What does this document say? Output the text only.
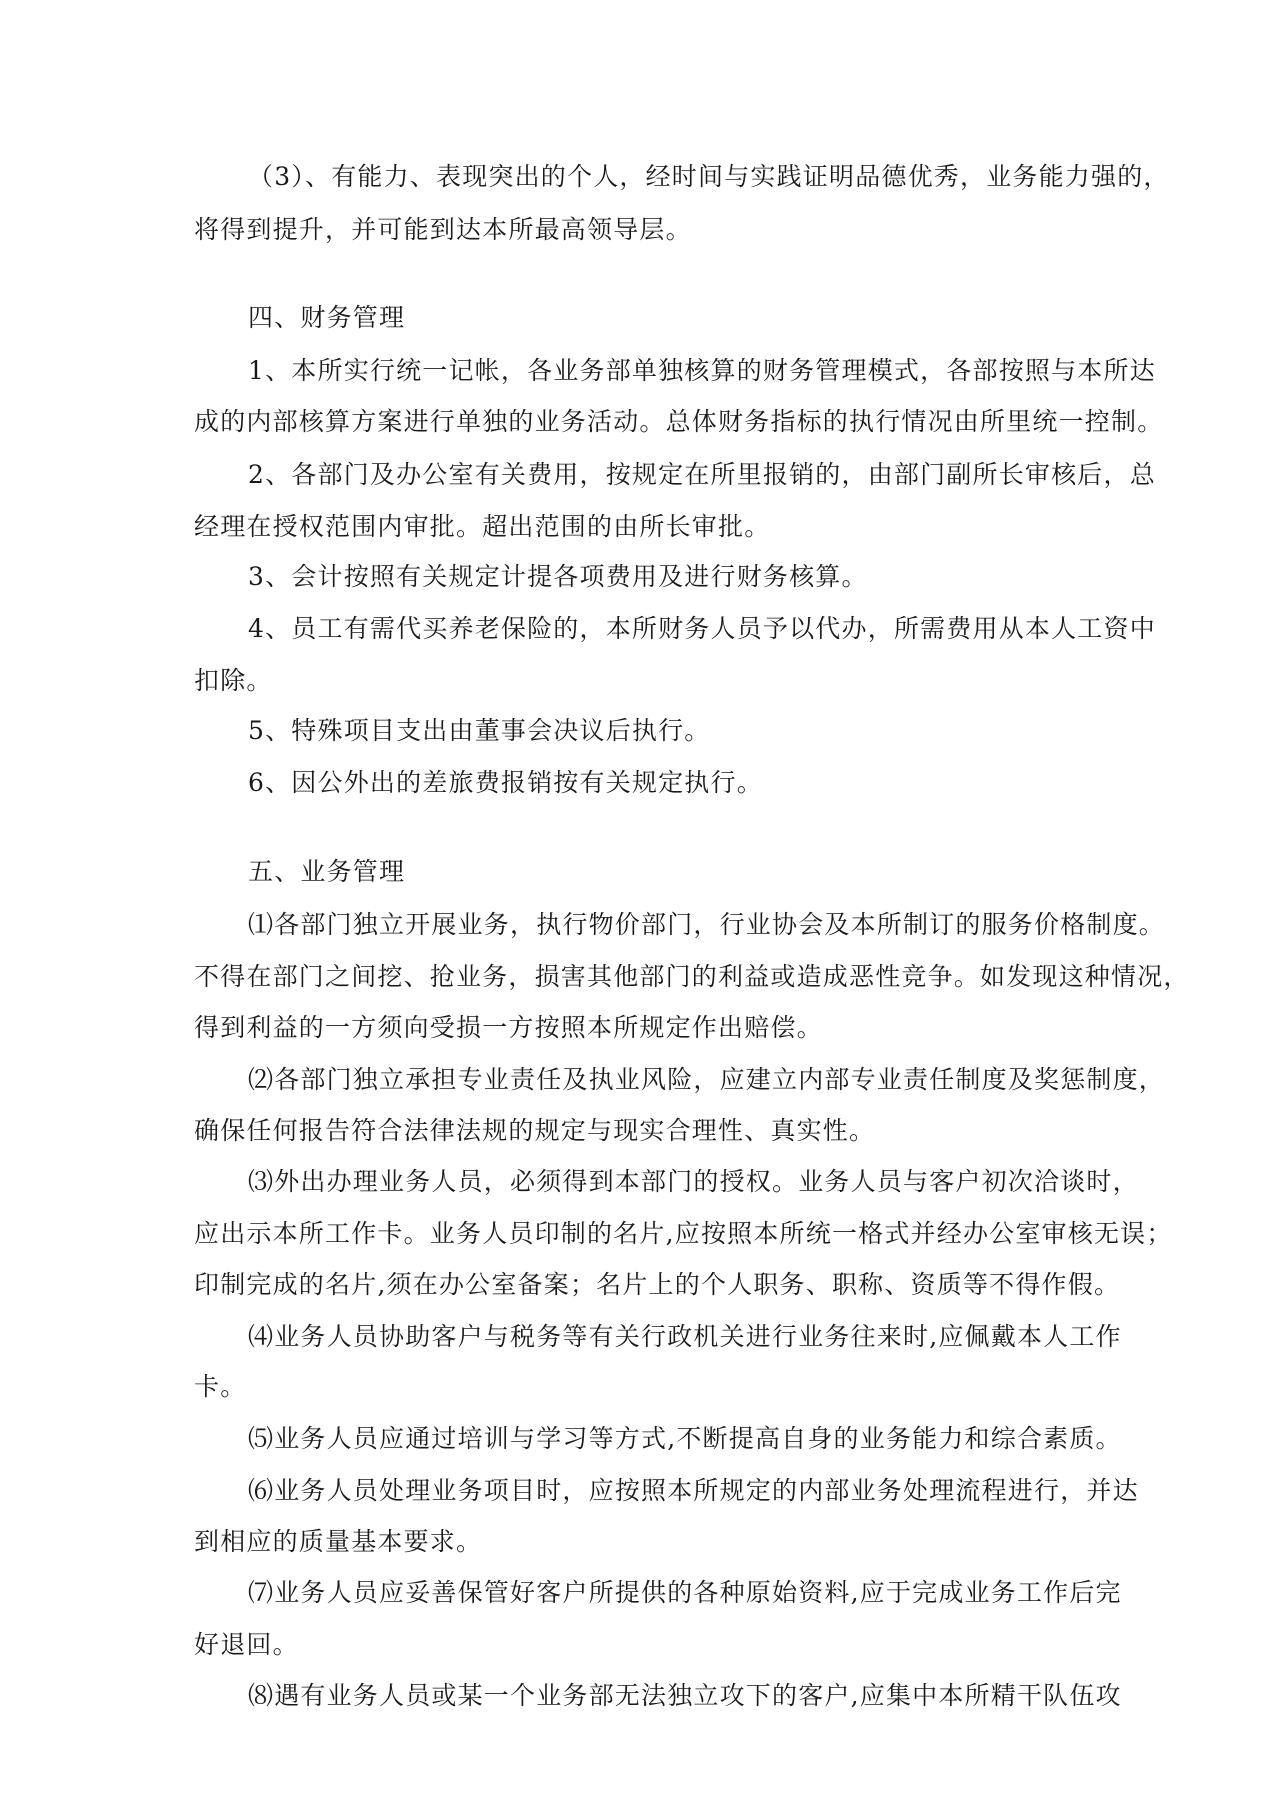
（3）、有能力、表现突出的个人，经时间与实践证明品德优秀，业务能力强的，
将得到提升，并可能到达本所最高领导层。
四、财务管理
1、本所实行统一记帐，各业务部单独核算的财务管理模式，各部按照与本所达
成的内部核算方案进行单独的业务活动。总体财务指标的执行情况由所里统一控制。
2、各部门及办公室有关费用，按规定在所里报销的，由部门副所长审核后，总
经理在授权范围内审批。超出范围的由所长审批。
3、会计按照有关规定计提各项费用及进行财务核算。
4、员工有需代买养老保险的，本所财务人员予以代办，所需费用从本人工资中
扣除。
5、特殊项目支出由董事会决议后执行。
6、因公外出的差旅费报销按有关规定执行。
五、业务管理
⑴各部门独立开展业务，执行物价部门，行业协会及本所制订的服务价格制度。
不得在部门之间挖、抢业务，损害其他部门的利益或造成恶性竞争。如发现这种情况，
得到利益的一方须向受损一方按照本所规定作出赔偿。
⑵各部门独立承担专业责任及执业风险，应建立内部专业责任制度及奖惩制度，
确保任何报告符合法律法规的规定与现实合理性、真实性。
⑶外出办理业务人员，必须得到本部门的授权。业务人员与客户初次洽谈时，
应出示本所工作卡。业务人员印制的名片,应按照本所统一格式并经办公室审核无误；
印制完成的名片,须在办公室备案；名片上的个人职务、职称、资质等不得作假。
⑷业务人员协助客户与税务等有关行政机关进行业务往来时,应佩戴本人工作
卡。
⑸业务人员应通过培训与学习等方式,不断提高自身的业务能力和综合素质。
⑹业务人员处理业务项目时，应按照本所规定的内部业务处理流程进行，并达
到相应的质量基本要求。
⑺业务人员应妥善保管好客户所提供的各种原始资料,应于完成业务工作后完
好退回。
⑻遇有业务人员或某一个业务部无法独立攻下的客户,应集中本所精干队伍攻
